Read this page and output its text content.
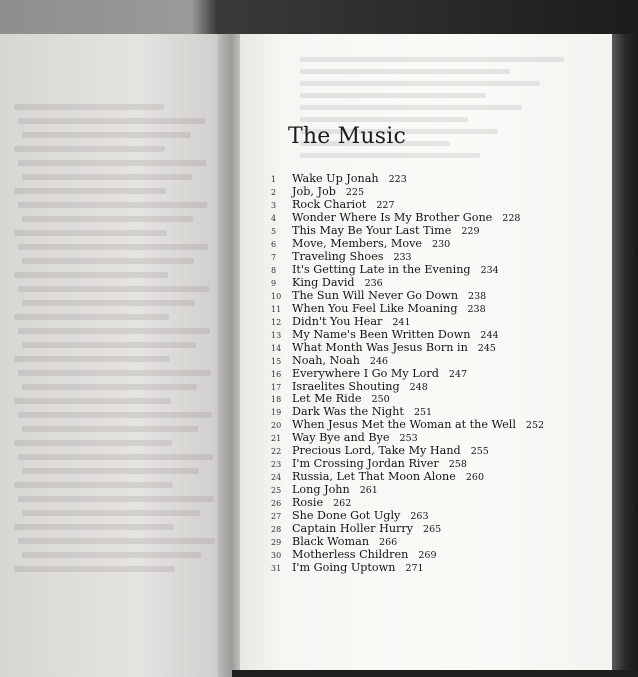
The Music
1	Wake Up Jonah 223
2	Job, Job 225
3	Rock Chariot 227
4	Wonder Where Is My Brother Gone 228
5	This May Be Your Last Time 229
6	Move, Members, Move 230
7	Traveling Shoes 233
8	It's Getting Late in the Evening 234
9	King David 236
10 The Sun Will Never Go Down 238
11 When You Feel Like Moaning 238
12 Didn't You Hear 241
13 My Name's Been Written Down 244
14 What Month Was Jesus Born in 245
15 Noah, Noah 246
16 Everywhere I Go My Lord 247
17 Israelites Shouting 248
18 Let Me Ride 250
19 Dark Was the Night 251
20 When Jesus Met the Woman at the Well 252
21 Way Bye and Bye 253
22 Precious Lord, Take My Hand 255
23 I'm Crossing Jordan River 258
24 Russia, Let That Moon Alone 260
25 Long John 261
26 Rosie 262
27 She Done Got Ugly 263
28 Captain Holler Hurry 265
29 Black Woman 266
30 Motherless Children 269
31 I'm Going Uptown 271
